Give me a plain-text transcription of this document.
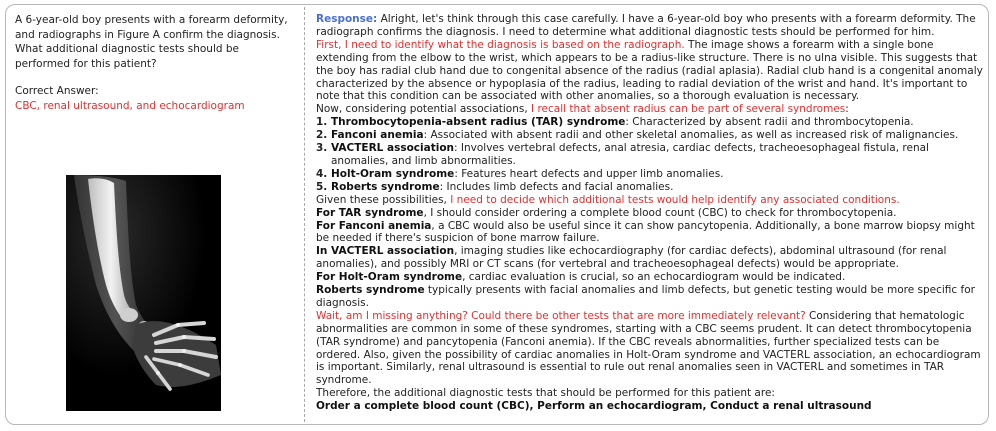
A 6-year-old boy presents with a forearm deformity, and radiographs in Figure A confirm the diagnosis. What additional diagnostic tests should be performed for this patient?

Correct Answer:

CBC, renal ultrasound, and echocardiogram

Response: Alright, let's think through this case carefully. I have a 6-year-old boy who presents with a forearm deformity. The radiograph confirms the diagnosis. I need to determine what additional diagnostic tests should be performed for him.

First, I need to identify what the diagnosis is based on the radiograph. The image shows a forearm with a single bone extending from the elbow to the wrist, which appears to be a radius-like structure. There is no ulna visible. This suggests that the boy has radial club hand due to congenital absence of the radius (radial aplasia). Radial club hand is a congenital anomaly characterized by the absence or hypoplasia of the radius, leading to radial deviation of the wrist and hand. It's important to note that this condition can be associated with other anomalies, so a thorough evaluation is necessary.

Now, considering potential associations, I recall that absent radius can be part of several syndromes:

1. Thrombocytopenia-absent radius (TAR) syndrome: Characterized by absent radii and thrombocytopenia.
2. Fanconi anemia: Associated with absent radii and other skeletal anomalies, as well as increased risk of malignancies.
3. VACTERL association: Involves vertebral defects, anal atresia, cardiac defects, tracheoesophageal fistula, renal anomalies, and limb abnormalities.
4. Holt-Oram syndrome: Features heart defects and upper limb anomalies.
5. Roberts syndrome: Includes limb defects and facial anomalies.

Given these possibilities, I need to decide which additional tests would help identify any associated conditions.

For TAR syndrome, I should consider ordering a complete blood count (CBC) to check for thrombocytopenia.

For Fanconi anemia, a CBC would also be useful since it can show pancytopenia. Additionally, a bone marrow biopsy might be needed if there's suspicion of bone marrow failure.

In VACTERL association, imaging studies like echocardiography (for cardiac defects), abdominal ultrasound (for renal anomalies), and possibly MRI or CT scans (for vertebral and tracheoesophageal defects) would be appropriate.

For Holt-Oram syndrome, cardiac evaluation is crucial, so an echocardiogram would be indicated.

Roberts syndrome typically presents with facial anomalies and limb defects, but genetic testing would be more specific for diagnosis.

Wait, am I missing anything? Could there be other tests that are more immediately relevant? Considering that hematologic abnormalities are common in some of these syndromes, starting with a CBC seems prudent. It can detect thrombocytopenia (TAR syndrome) and pancytopenia (Fanconi anemia). If the CBC reveals abnormalities, further specialized tests can be ordered. Also, given the possibility of cardiac anomalies in Holt-Oram syndrome and VACTERL association, an echocardiogram is important. Similarly, renal ultrasound is essential to rule out renal anomalies seen in VACTERL and sometimes in TAR syndrome.

Therefore, the additional diagnostic tests that should be performed for this patient are:

Order a complete blood count (CBC), Perform an echocardiogram, Conduct a renal ultrasound
